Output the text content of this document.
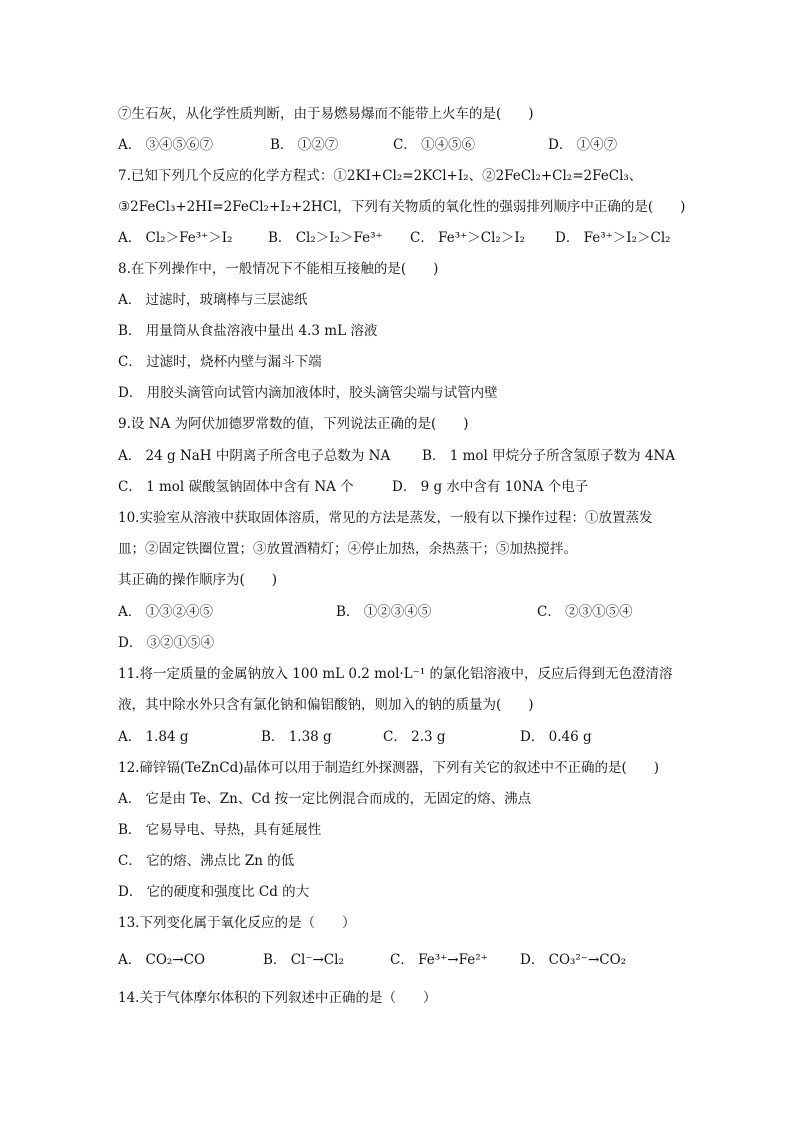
⑦生石灰，从化学性质判断，由于易燃易爆而不能带上火车的是(　　)
A． ③④⑤⑥⑦	B． ①②⑦	C． ①④⑤⑥	D． ①④⑦
7.已知下列几个反应的化学方程式：①2KI+Cl₂=2KCl+I₂、②2FeCl₂+Cl₂=2FeCl₃、
③2FeCl₃+2HI=2FeCl₂+I₂+2HCl，下列有关物质的氧化性的强弱排列顺序中正确的是(　　)
A． Cl₂＞Fe³⁺＞I₂	B． Cl₂＞I₂＞Fe³⁺ C． Fe³⁺＞Cl₂＞I₂ D． Fe³⁺＞I₂＞Cl₂
8.在下列操作中，一般情况下不能相互接触的是(　　)
A． 过滤时，玻璃棒与三层滤纸
B． 用量筒从食盐溶液中量出 4.3 mL 溶液
C． 过滤时，烧杯内壁与漏斗下端
D． 用胶头滴管向试管内滴加液体时，胶头滴管尖端与试管内壁
9.设 NA 为阿伏加德罗常数的值，下列说法正确的是(　　)
A． 24 g NaH 中阴离子所含电子总数为 NA B． 1 mol 甲烷分子所含氢原子数为 4NA
C． 1 mol 碳酸氢钠固体中含有 NA 个	D． 9 g 水中含有 10NA 个电子
10.实验室从溶液中获取固体溶质，常见的方法是蒸发，一般有以下操作过程：①放置蒸发
皿；②固定铁圈位置；③放置酒精灯；④停止加热，余热蒸干；⑤加热搅拌。
其正确的操作顺序为(　　)
A． ①③②④⑤	B． ①②③④⑤	C． ②③①⑤④
D． ③②①⑤④
11.将一定质量的金属钠放入 100 mL 0.2 mol·L⁻¹ 的氯化铝溶液中，反应后得到无色澄清溶
液，其中除水外只含有氯化钠和偏铝酸钠，则加入的钠的质量为(　　)
A． 1.84 g	B． 1.38 g	C． 2.3 g	D． 0.46 g
12.碲锌镉(TeZnCd)晶体可以用于制造红外探测器，下列有关它的叙述中不正确的是(　　)
A． 它是由 Te、Zn、Cd 按一定比例混合而成的，无固定的熔、沸点
B． 它易导电、导热，具有延展性
C． 它的熔、沸点比 Zn 的低
D． 它的硬度和强度比 Cd 的大
13.下列变化属于氧化反应的是（　　）
A． CO₂→CO	B． Cl⁻→Cl₂	C． Fe³⁺→Fe²⁺ D． CO₃²⁻→CO₂
14.关于气体摩尔体积的下列叙述中正确的是（　　）
